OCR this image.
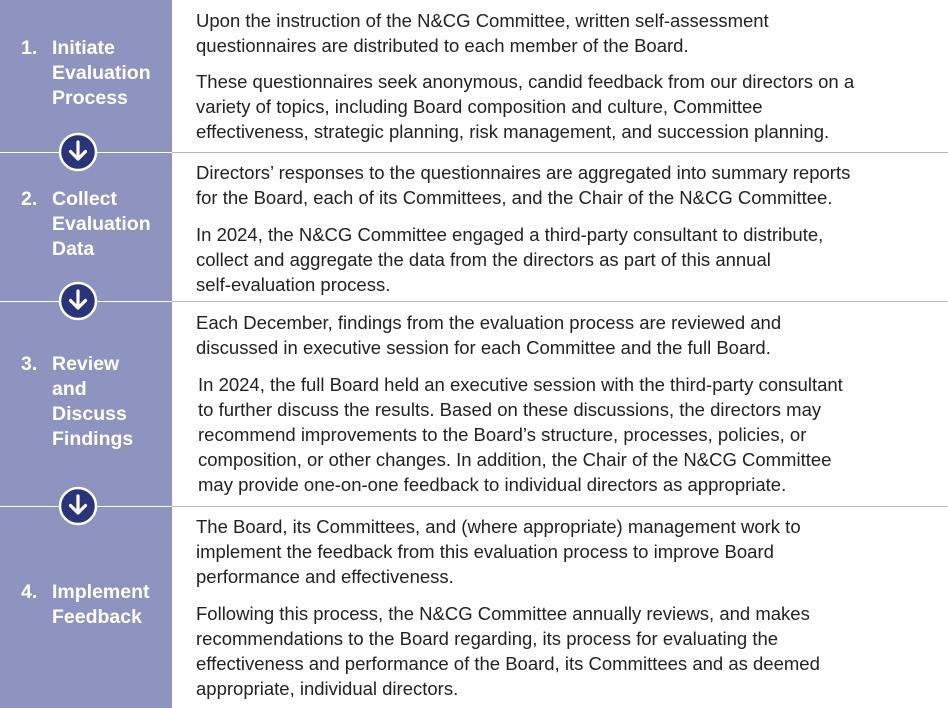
1. Initiate
Evaluation
Process
2. Collect
Evaluation
Data
3. Review
and
Discuss
Findings
4. Implement
Feedback

Upon the instruction of the N&CG Committee, written self-assessment
questionnaires are distributed to each member of the Board.

These questionnaires seek anonymous, candid feedback from our directors on a
variety of topics, including Board composition and culture, Committee
effectiveness, strategic planning, risk management, and succession planning.

Directors’ responses to the questionnaires are aggregated into summary reports
for the Board, each of its Committees, and the Chair of the N&CG Committee.

In 2024, the N&CG Committee engaged a third-party consultant to distribute,
collect and aggregate the data from the directors as part of this annual
self-evaluation process.

Each December, findings from the evaluation process are reviewed and
discussed in executive session for each Committee and the full Board.

In 2024, the full Board held an executive session with the third-party consultant
to further discuss the results. Based on these discussions, the directors may
recommend improvements to the Board’s structure, processes, policies, or
composition, or other changes. In addition, the Chair of the N&CG Committee
may provide one-on-one feedback to individual directors as appropriate.

The Board, its Committees, and (where appropriate) management work to
implement the feedback from this evaluation process to improve Board
performance and effectiveness.

Following this process, the N&CG Committee annually reviews, and makes
recommendations to the Board regarding, its process for evaluating the
effectiveness and performance of the Board, its Committees and as deemed
appropriate, individual directors.
